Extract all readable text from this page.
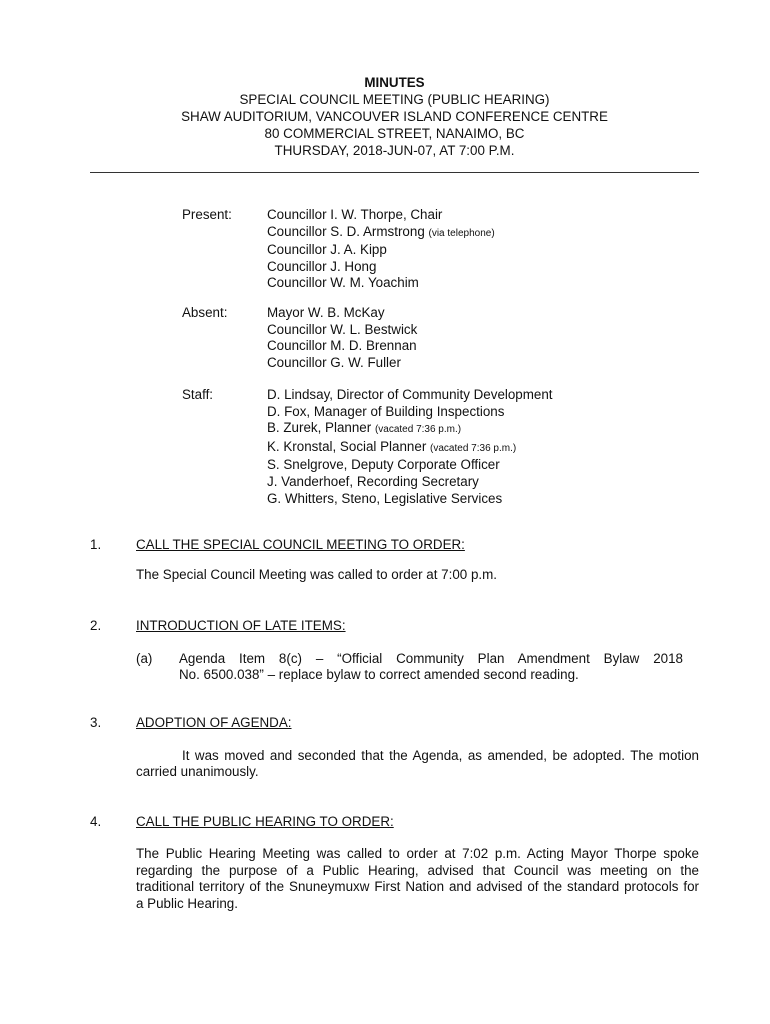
MINUTES
SPECIAL COUNCIL MEETING (PUBLIC HEARING)
SHAW AUDITORIUM, VANCOUVER ISLAND CONFERENCE CENTRE
80 COMMERCIAL STREET, NANAIMO, BC
THURSDAY, 2018-JUN-07, AT 7:00 P.M.
Present:	Councillor I. W. Thorpe, Chair
Councillor S. D. Armstrong (via telephone)
Councillor J. A. Kipp
Councillor J. Hong
Councillor W. M. Yoachim
Absent:	Mayor W. B. McKay
Councillor W. L. Bestwick
Councillor M. D. Brennan
Councillor G. W. Fuller
Staff:	D. Lindsay, Director of Community Development
D. Fox, Manager of Building Inspections
B. Zurek, Planner (vacated 7:36 p.m.)
K. Kronstal, Social Planner (vacated 7:36 p.m.)
S. Snelgrove, Deputy Corporate Officer
J. Vanderhoef, Recording Secretary
G. Whitters, Steno, Legislative Services
1.	CALL THE SPECIAL COUNCIL MEETING TO ORDER:
The Special Council Meeting was called to order at 7:00 p.m.
2.	INTRODUCTION OF LATE ITEMS:
(a) Agenda Item 8(c) – “Official Community Plan Amendment Bylaw 2018
No. 6500.038” – replace bylaw to correct amended second reading.
3.	ADOPTION OF AGENDA:
It was moved and seconded that the Agenda, as amended, be adopted. The motion
carried unanimously.
4.	CALL THE PUBLIC HEARING TO ORDER:
The Public Hearing Meeting was called to order at 7:02 p.m. Acting Mayor Thorpe spoke
regarding the purpose of a Public Hearing, advised that Council was meeting on the
traditional territory of the Snuneymuxw First Nation and advised of the standard protocols for
a Public Hearing.
